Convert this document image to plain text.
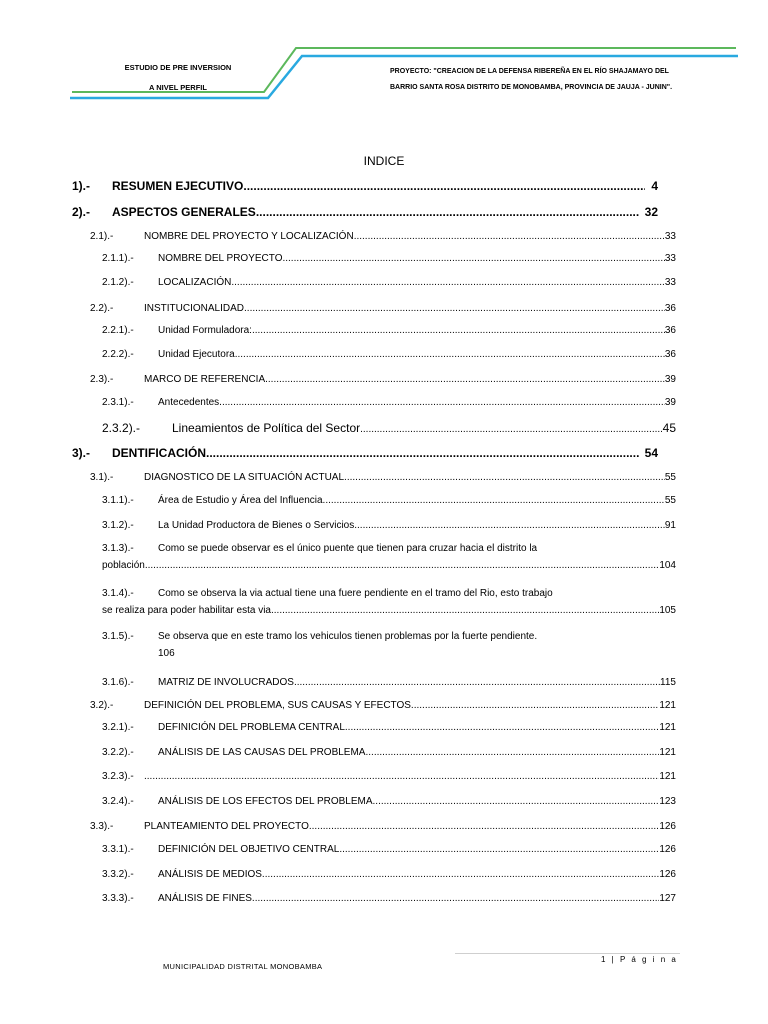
ESTUDIO DE PRE INVERSION
A NIVEL PERFIL
PROYECTO: "CREACION DE LA DEFENSA RIBEREÑA EN EL RÍO SHAJAMAYO DEL
BARRIO SANTA ROSA DISTRITO DE MONOBAMBA, PROVINCIA DE JAUJA - JUNIN".
INDICE
1).-	RESUMEN EJECUTIVO .....	4
2).-	ASPECTOS GENERALES .....	32
2.1).-	NOMBRE DEL PROYECTO Y LOCALIZACIÓN .....	33
2.1.1).-	NOMBRE DEL PROYECTO .....	33
2.1.2).-	LOCALIZACIÓN .....	33
2.2).-	INSTITUCIONALIDAD .....	36
2.2.1).-	Unidad Formuladora: .....	36
2.2.2).-	Unidad Ejecutora .....	36
2.3).-	MARCO DE REFERENCIA .....	39
2.3.1).-	Antecedentes .....	39
2.3.2).-	Lineamientos de Política del Sector .....	45
3).-	DENTIFICACIÓN .....	54
3.1).-	DIAGNOSTICO DE LA SITUACIÓN ACTUAL .....	55
3.1.1).-	Área de Estudio y Área del Influencia .....	55
3.1.2).-	La Unidad Productora de Bienes o Servicios .....	91
3.1.3).-	Como se puede observar es el único puente que tienen para cruzar hacia el distrito la
población. .....	104
3.1.4).-	Como se observa la via actual tiene una fuere pendiente en el tramo del Rio, esto trabajo
se realiza para poder habilitar esta via. .....	105
3.1.5).-	Se observa que en este tramo los vehiculos tienen problemas por la fuerte pendiente.
106
3.1.6).-	MATRIZ DE INVOLUCRADOS .....	115
3.2).-	DEFINICIÓN DEL PROBLEMA, SUS CAUSAS Y EFECTOS .....	121
3.2.1).-	DEFINICIÓN DEL PROBLEMA CENTRAL .....	121
3.2.2).-	ANÁLISIS DE LAS CAUSAS DEL PROBLEMA .....	121
3.2.3).- .....	121
3.2.4).-	ANÁLISIS DE LOS EFECTOS DEL PROBLEMA .....	123
3.3).-	PLANTEAMIENTO DEL PROYECTO .....	126
3.3.1).-	DEFINICIÓN DEL OBJETIVO CENTRAL .....	126
3.3.2).-	ANÁLISIS DE MEDIOS .....	126
3.3.3).-	ANÁLISIS DE FINES .....	127
MUNICIPALIDAD DISTRITAL MONOBAMBA
1 | P á g i n a
